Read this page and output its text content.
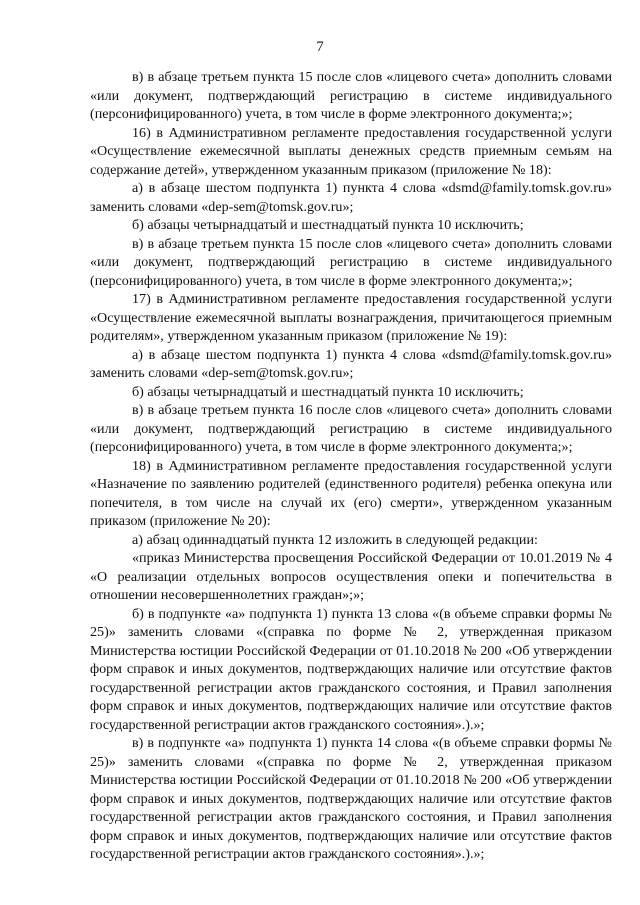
7

в) в абзаце третьем пункта 15 после слов «лицевого счета» дополнить словами «или документ, подтверждающий регистрацию в системе индивидуального (персонифицированного) учета, в том числе в форме электронного документа;»;

16) в Административном регламенте предоставления государственной услуги «Осуществление ежемесячной выплаты денежных средств приемным семьям на содержание детей», утвержденном указанным приказом (приложение № 18):

а) в абзаце шестом подпункта 1) пункта 4 слова «dsmd@family.tomsk.gov.ru» заменить словами «dep-sem@tomsk.gov.ru»;

б) абзацы четырнадцатый и шестнадцатый пункта 10 исключить;

в) в абзаце третьем пункта 15 после слов «лицевого счета» дополнить словами «или документ, подтверждающий регистрацию в системе индивидуального (персонифицированного) учета, в том числе в форме электронного документа;»;

17) в Административном регламенте предоставления государственной услуги «Осуществление ежемесячной выплаты вознаграждения, причитающегося приемным родителям», утвержденном указанным приказом (приложение № 19):

а) в абзаце шестом подпункта 1) пункта 4 слова «dsmd@family.tomsk.gov.ru» заменить словами «dep-sem@tomsk.gov.ru»;

б) абзацы четырнадцатый и шестнадцатый пункта 10 исключить;

в) в абзаце третьем пункта 16 после слов «лицевого счета» дополнить словами «или документ, подтверждающий регистрацию в системе индивидуального (персонифицированного) учета, в том числе в форме электронного документа;»;

18) в Административном регламенте предоставления государственной услуги «Назначение по заявлению родителей (единственного родителя) ребенка опекуна или попечителя, в том числе на случай их (его) смерти», утвержденном указанным приказом (приложение № 20):

а) абзац одиннадцатый пункта 12 изложить в следующей редакции:

«приказ Министерства просвещения Российской Федерации от 10.01.2019 № 4 «О реализации отдельных вопросов осуществления опеки и попечительства в отношении несовершеннолетних граждан»;»;

б) в подпункте «а» подпункта 1) пункта 13 слова «(в объеме справки формы № 25)» заменить словами «(справка по форме № 2, утвержденная приказом Министерства юстиции Российской Федерации от 01.10.2018 № 200 «Об утверждении форм справок и иных документов, подтверждающих наличие или отсутствие фактов государственной регистрации актов гражданского состояния, и Правил заполнения форм справок и иных документов, подтверждающих наличие или отсутствие фактов государственной регистрации актов гражданского состояния».).»;

в) в подпункте «а» подпункта 1) пункта 14 слова «(в объеме справки формы № 25)» заменить словами «(справка по форме № 2, утвержденная приказом Министерства юстиции Российской Федерации от 01.10.2018 № 200 «Об утверждении форм справок и иных документов, подтверждающих наличие или отсутствие фактов государственной регистрации актов гражданского состояния, и Правил заполнения форм справок и иных документов, подтверждающих наличие или отсутствие фактов государственной регистрации актов гражданского состояния».).»;
